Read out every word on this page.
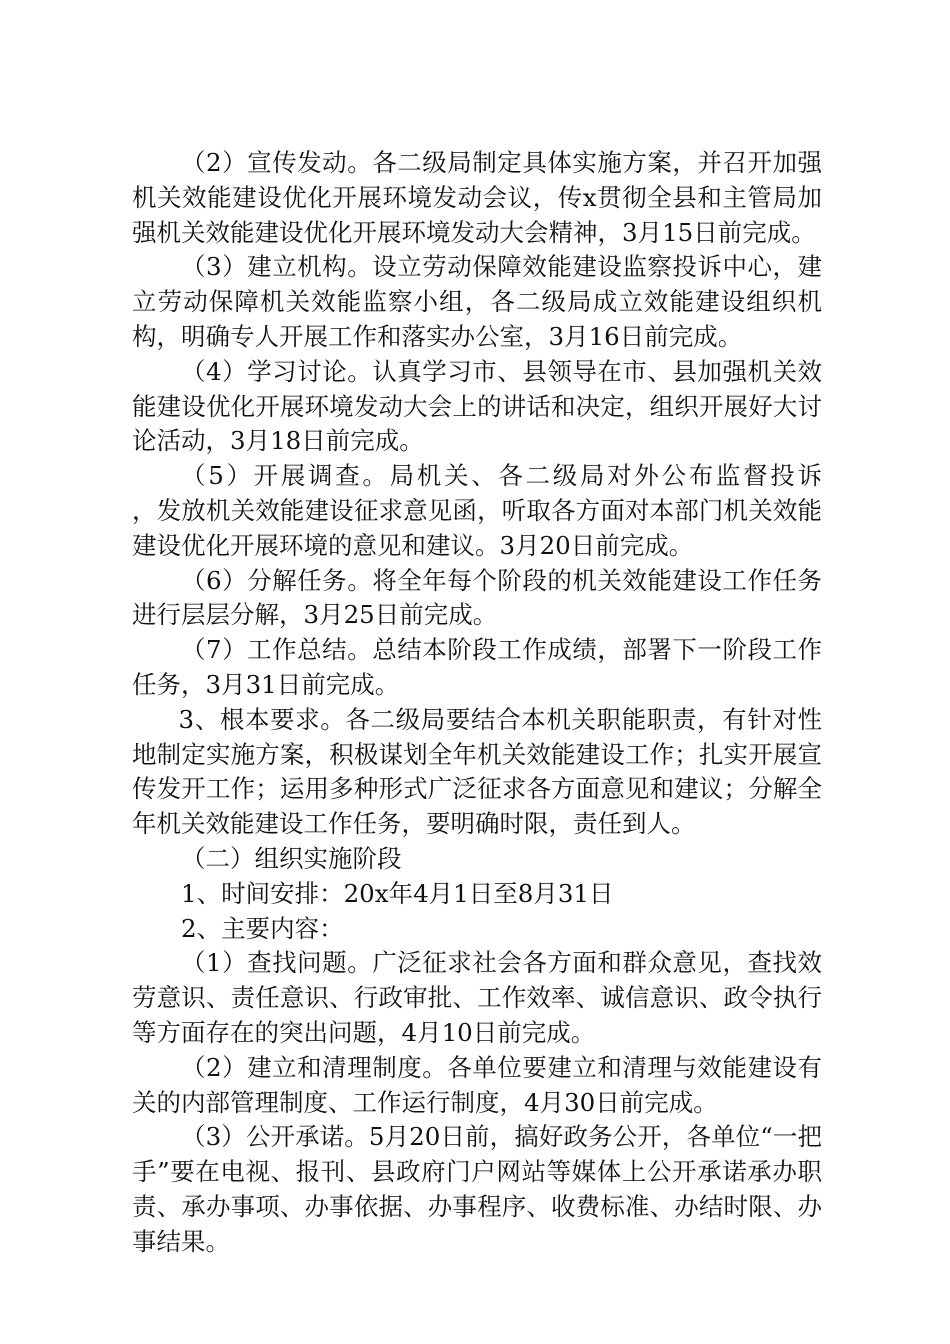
（2）宣传发动。各二级局制定具体实施方案，并召开加强机关效能建设优化开展环境发动会议，传x贯彻全县和主管局加强机关效能建设优化开展环境发动大会精神，3月15日前完成。

（3）建立机构。设立劳动保障效能建设监察投诉中心，建立劳动保障机关效能监察小组，各二级局成立效能建设组织机构，明确专人开展工作和落实办公室，3月16日前完成。

（4）学习讨论。认真学习市、县领导在市、县加强机关效能建设优化开展环境发动大会上的讲话和决定，组织开展好大讨论活动，3月18日前完成。

（5）开展调查。局机关、各二级局对外公布监督投诉　　，发放机关效能建设征求意见函，听取各方面对本部门机关效能建设优化开展环境的意见和建议。3月20日前完成。

（6）分解任务。将全年每个阶段的机关效能建设工作任务进行层层分解，3月25日前完成。

（7）工作总结。总结本阶段工作成绩，部署下一阶段工作任务，3月31日前完成。

3、根本要求。各二级局要结合本机关职能职责，有针对性地制定实施方案，积极谋划全年机关效能建设工作；扎实开展宣传发开工作；运用多种形式广泛征求各方面意见和建议；分解全年机关效能建设工作任务，要明确时限，责任到人。

（二）组织实施阶段

1、时间安排：20x年4月1日至8月31日

2、主要内容：

（1）查找问题。广泛征求社会各方面和群众意见，查找效劳意识、责任意识、行政审批、工作效率、诚信意识、政令执行等方面存在的突出问题，4月10日前完成。

（2）建立和清理制度。各单位要建立和清理与效能建设有关的内部管理制度、工作运行制度，4月30日前完成。

（3）公开承诺。5月20日前，搞好政务公开，各单位“一把手”要在电视、报刊、县政府门户网站等媒体上公开承诺承办职责、承办事项、办事依据、办事程序、收费标准、办结时限、办事结果。
